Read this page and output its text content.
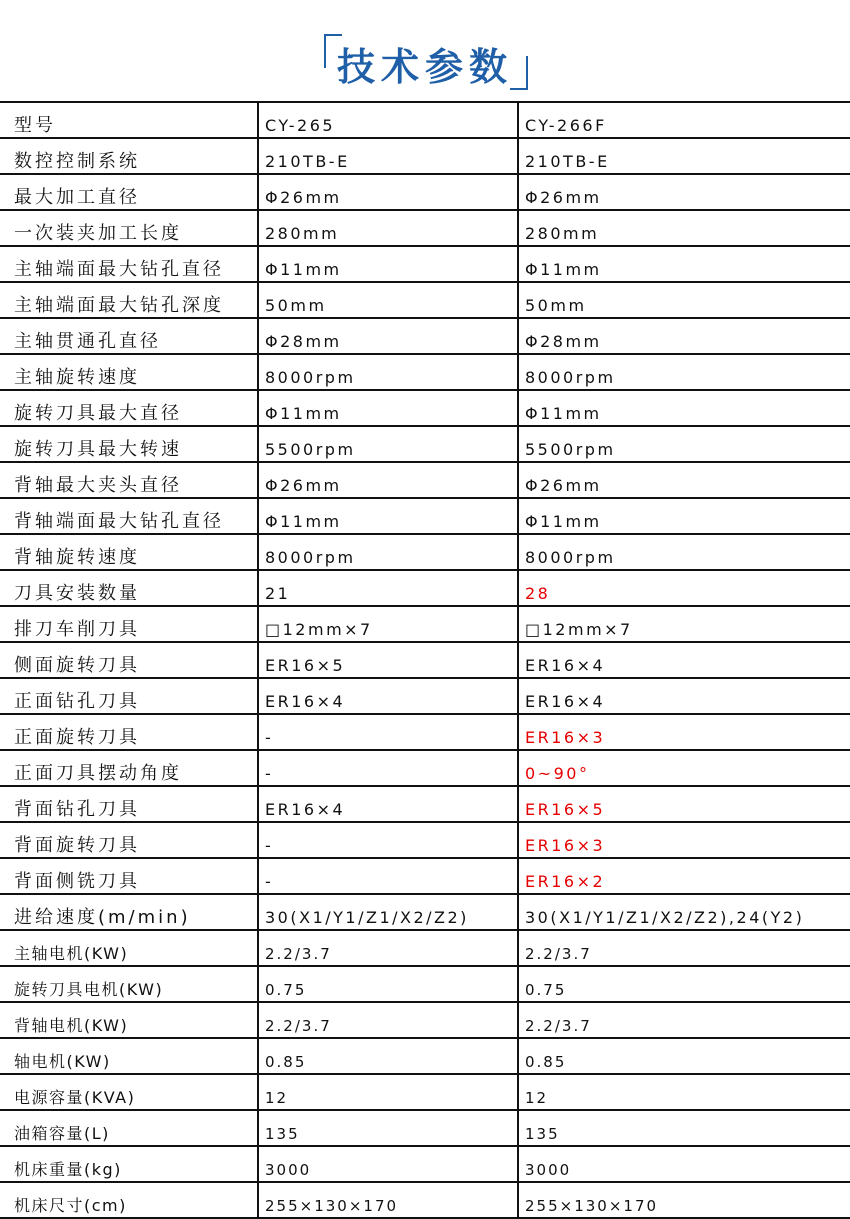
技术参数
型号	CY-265	CY-266F
数控控制系统	210TB-E	210TB-E
最大加工直径	Φ26mm	Φ26mm
一次装夹加工长度	280mm	280mm
主轴端面最大钻孔直径	Φ11mm	Φ11mm
主轴端面最大钻孔深度	50mm	50mm
主轴贯通孔直径	Φ28mm	Φ28mm
主轴旋转速度	8000rpm	8000rpm
旋转刀具最大直径	Φ11mm	Φ11mm
旋转刀具最大转速	5500rpm	5500rpm
背轴最大夹头直径	Φ26mm	Φ26mm
背轴端面最大钻孔直径	Φ11mm	Φ11mm
背轴旋转速度	8000rpm	8000rpm
刀具安装数量	21	28
排刀车削刀具	□12mm×7	□12mm×7
侧面旋转刀具	ER16×5	ER16×4
正面钻孔刀具	ER16×4	ER16×4
正面旋转刀具	-	ER16×3
正面刀具摆动角度	-	0~90°
背面钻孔刀具	ER16×4	ER16×5
背面旋转刀具	-	ER16×3
背面侧铣刀具	-	ER16×2
进给速度(m/min)	30(X1/Y1/Z1/X2/Z2)	30(X1/Y1/Z1/X2/Z2),24(Y2)
主轴电机(KW)	2.2/3.7	2.2/3.7
旋转刀具电机(KW)	0.75	0.75
背轴电机(KW)	2.2/3.7	2.2/3.7
轴电机(KW)	0.85	0.85
电源容量(KVA)	12	12
油箱容量(L)	135	135
机床重量(kg)	3000	3000
机床尺寸(cm)	255×130×170	255×130×170
